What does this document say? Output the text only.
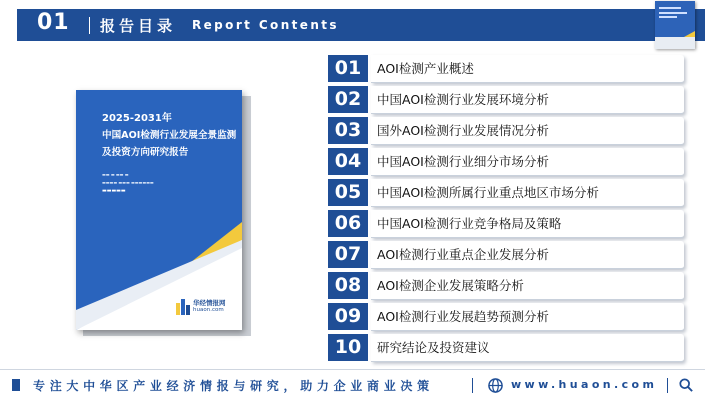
01 报告目录 Report Contents
2025-2031年
中国AOI检测行业发展全景监测及投资方向研究报告
▬▬ ▬ ▬▬ ▬
▬▬▬▬ ▬▬▬ ▬▬▬▬▬▬
▬▬▬▬▬
华经情报网
huaon.com
01	AOI检测产业概述
02	中国AOI检测行业发展环境分析
03	国外AOI检测行业发展情况分析
04	中国AOI检测行业细分市场分析
05	中国AOI检测所属行业重点地区市场分析
06	中国AOI检测行业竞争格局及策略
07	AOI检测行业重点企业发展分析
08	AOI检测企业发展策略分析
09	AOI检测行业发展趋势预测分析
10	研究结论及投资建议
专注大中华区产业经济情报与研究，助力企业商业决策	www.huaon.com
